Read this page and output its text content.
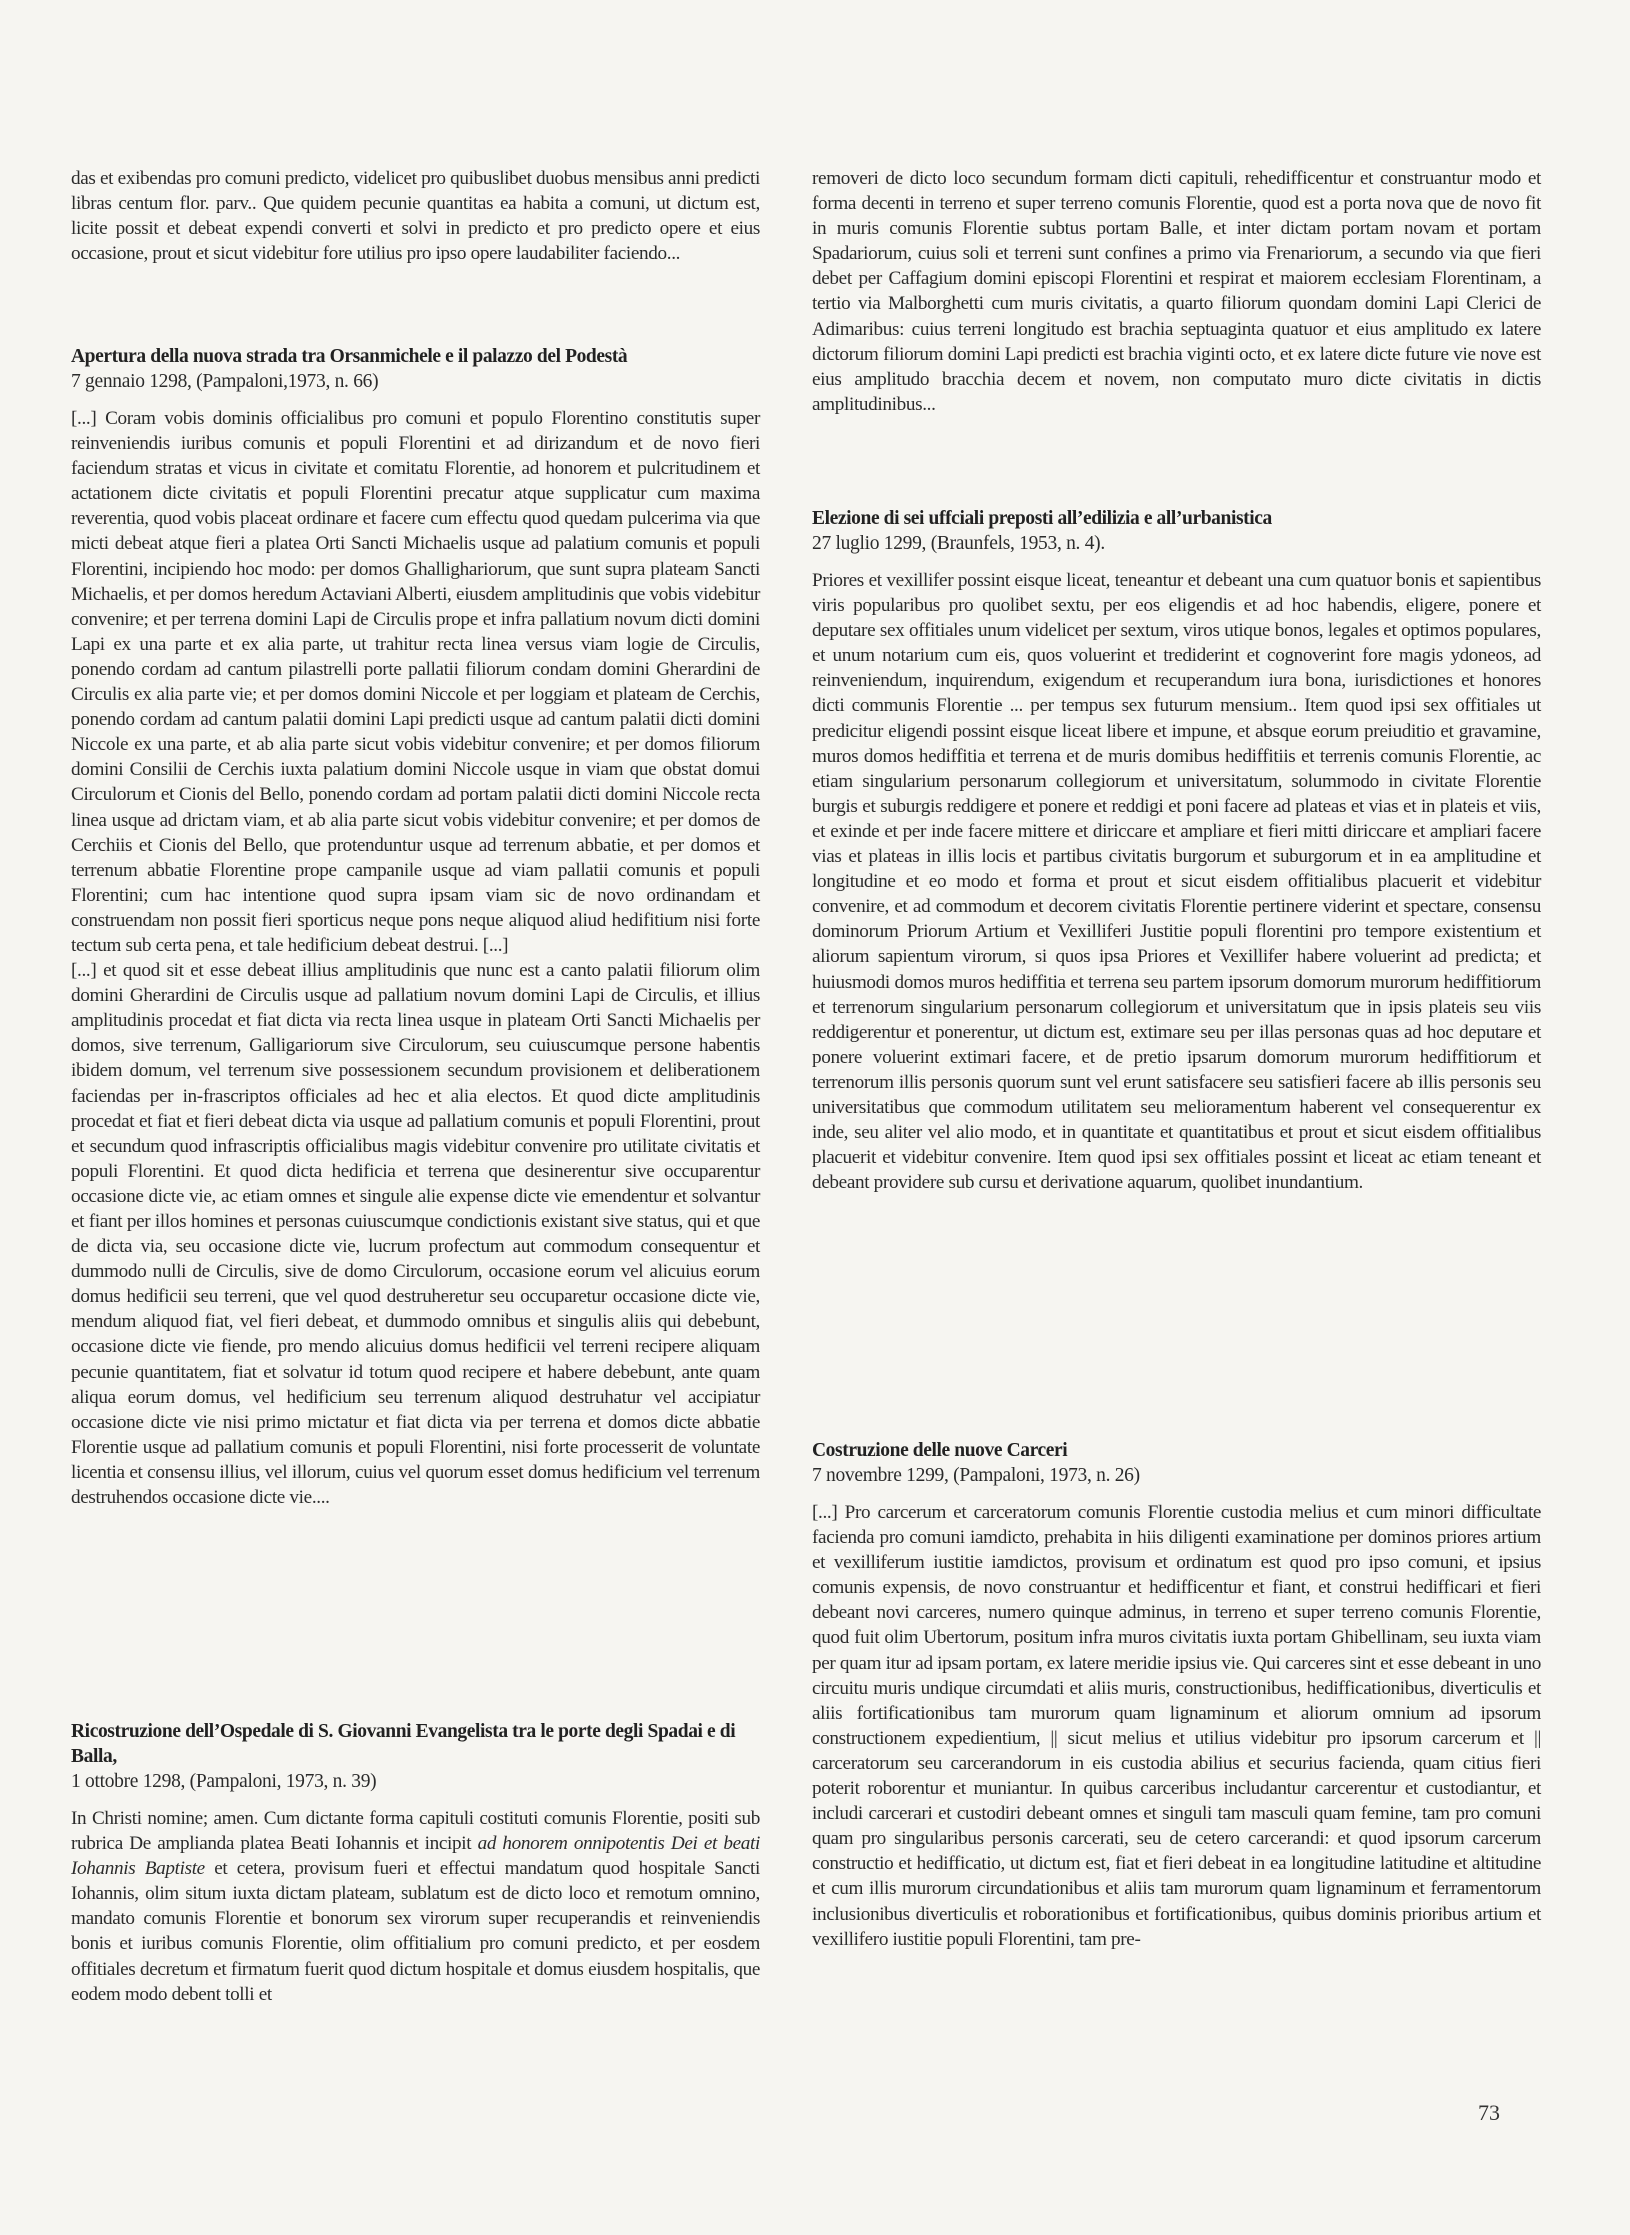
das et exibendas pro comuni predicto, videlicet pro quibuslibet duobus mensibus anni predicti libras centum flor. parv.. Que quidem pecunie quantitas ea habita a comuni, ut dictum est, licite possit et debeat expendi converti et solvi in predicto et pro predicto opere et eius occasione, prout et sicut videbitur fore utilius pro ipso opere laudabiliter faciendo...

Apertura della nuova strada tra Orsanmichele e il palazzo del Podestà
7 gennaio 1298, (Pampaloni,1973, n. 66)

[...] Coram vobis dominis officialibus pro comuni et populo Florentino constitutis super reinveniendis iuribus comunis et populi Florentini et ad dirizandum et de novo fieri faciendum stratas et vicus in civitate et comitatu Florentie, ad honorem et pulcritudinem et actationem dicte civitatis et populi Florentini precatur atque supplicatur cum maxima reverentia, quod vobis placeat ordinare et facere cum effectu quod quedam pulcerima via que micti debeat atque fieri a platea Orti Sancti Michaelis usque ad palatium comunis et populi Florentini, incipiendo hoc modo: per domos Ghallighariorum, que sunt supra plateam Sancti Michaelis, et per domos heredum Actaviani Alberti, eiusdem amplitudinis que vobis videbitur convenire; et per terrena domini Lapi de Circulis prope et infra pallatium novum dicti domini Lapi ex una parte et ex alia parte, ut trahitur recta linea versus viam logie de Circulis, ponendo cordam ad cantum pilastrelli porte pallatii filiorum condam domini Gherardini de Circulis ex alia parte vie; et per domos domini Niccole et per loggiam et plateam de Cerchis, ponendo cordam ad cantum palatii domini Lapi predicti usque ad cantum palatii dicti domini Niccole ex una parte, et ab alia parte sicut vobis videbitur convenire; et per domos filiorum domini Consilii de Cerchis iuxta palatium domini Niccole usque in viam que obstat domui Circulorum et Cionis del Bello, ponendo cordam ad portam palatii dicti domini Niccole recta linea usque ad drictam viam, et ab alia parte sicut vobis videbitur convenire; et per domos de Cerchiis et Cionis del Bello, que protenduntur usque ad terrenum abbatie, et per domos et terrenum abbatie Florentine prope campanile usque ad viam pallatii comunis et populi Florentini; cum hac intentione quod supra ipsam viam sic de novo ordinandam et construendam non possit fieri sporticus neque pons neque aliquod aliud hedifitium nisi forte tectum sub certa pena, et tale hedificium debeat destrui. [...]

[...] et quod sit et esse debeat illius amplitudinis que nunc est a canto palatii filiorum olim domini Gherardini de Circulis usque ad pallatium novum domini Lapi de Circulis, et illius amplitudinis procedat et fiat dicta via recta linea usque in plateam Orti Sancti Michaelis per domos, sive terrenum, Galligariorum sive Circulorum, seu cuiuscumque persone habentis ibidem domum, vel terrenum sive possessionem secundum provisionem et deliberationem faciendas per in-frascriptos officiales ad hec et alia electos. Et quod dicte amplitudinis procedat et fiat et fieri debeat dicta via usque ad pallatium comunis et populi Florentini, prout et secundum quod infrascriptis officialibus magis videbitur convenire pro utilitate civitatis et populi Florentini. Et quod dicta hedificia et terrena que desinerentur sive occuparentur occasione dicte vie, ac etiam omnes et singule alie expense dicte vie emendentur et solvantur et fiant per illos homines et personas cuiuscumque condictionis existant sive status, qui et que de dicta via, seu occasione dicte vie, lucrum profectum aut commodum consequentur et dummodo nulli de Circulis, sive de domo Circulorum, occasione eorum vel alicuius eorum domus hedificii seu terreni, que vel quod destruheretur seu occuparetur occasione dicte vie, mendum aliquod fiat, vel fieri debeat, et dummodo omnibus et singulis aliis qui debebunt, occasione dicte vie fiende, pro mendo alicuius domus hedificii vel terreni recipere aliquam pecunie quantitatem, fiat et solvatur id totum quod recipere et habere debebunt, ante quam aliqua eorum domus, vel hedificium seu terrenum aliquod destruhatur vel accipiatur occasione dicte vie nisi primo mictatur et fiat dicta via per terrena et domos dicte abbatie Florentie usque ad pallatium comunis et populi Florentini, nisi forte processerit de voluntate licentia et consensu illius, vel illorum, cuius vel quorum esset domus hedificium vel terrenum destruhendos occasione dicte vie....

Ricostruzione dell’Ospedale di S. Giovanni Evangelista tra le porte degli Spadai e di Balla,
1 ottobre 1298, (Pampaloni, 1973, n. 39)

In Christi nomine; amen. Cum dictante forma capituli costituti comunis Florentie, positi sub rubrica De amplianda platea Beati Iohannis et incipit ad honorem onnipotentis Dei et beati Iohannis Baptiste et cetera, provisum fueri et effectui mandatum quod hospitale Sancti Iohannis, olim situm iuxta dictam plateam, sublatum est de dicto loco et remotum omnino, mandato comunis Florentie et bonorum sex virorum super recuperandis et reinveniendis bonis et iuribus comunis Florentie, olim offitialium pro comuni predicto, et per eosdem offitiales decretum et firmatum fuerit quod dictum hospitale et domus eiusdem hospitalis, que eodem modo debent tolli et

removeri de dicto loco secundum formam dicti capituli, rehedifficentur et construantur modo et forma decenti in terreno et super terreno comunis Florentie, quod est a porta nova que de novo fit in muris comunis Florentie subtus portam Balle, et inter dictam portam novam et portam Spadariorum, cuius soli et terreni sunt confines a primo via Frenariorum, a secundo via que fieri debet per Caffagium domini episcopi Florentini et respirat et maiorem ecclesiam Florentinam, a tertio via Malborghetti cum muris civitatis, a quarto filiorum quondam domini Lapi Clerici de Adimaribus: cuius terreni longitudo est brachia septuaginta quatuor et eius amplitudo ex latere dictorum filiorum domini Lapi predicti est brachia viginti octo, et ex latere dicte future vie nove est eius amplitudo bracchia decem et novem, non computato muro dicte civitatis in dictis amplitudinibus...

Elezione di sei uffciali preposti all’edilizia e all’urbanistica
27 luglio 1299, (Braunfels, 1953, n. 4).

Priores et vexillifer possint eisque liceat, teneantur et debeant una cum quatuor bonis et sapientibus viris popularibus pro quolibet sextu, per eos eligendis et ad hoc habendis, eligere, ponere et deputare sex offitiales unum videlicet per sextum, viros utique bonos, legales et optimos populares, et unum notarium cum eis, quos voluerint et trediderint et cognoverint fore magis ydoneos, ad reinveniendum, inquirendum, exigendum et recuperandum iura bona, iurisdictiones et honores dicti communis Florentie ... per tempus sex futurum mensium.. Item quod ipsi sex offitiales ut predicitur eligendi possint eisque liceat libere et impune, et absque eorum preiuditio et gravamine, muros domos hediffitia et terrena et de muris domibus hediffitiis et terrenis comunis Florentie, ac etiam singularium personarum collegiorum et universitatum, solummodo in civitate Florentie burgis et suburgis reddigere et ponere et reddigi et poni facere ad plateas et vias et in plateis et viis, et exinde et per inde facere mittere et diriccare et ampliare et fieri mitti diriccare et ampliari facere vias et plateas in illis locis et partibus civitatis burgorum et suburgorum et in ea amplitudine et longitudine et eo modo et forma et prout et sicut eisdem offitialibus placuerit et videbitur convenire, et ad commodum et decorem civitatis Florentie pertinere viderint et spectare, consensu dominorum Priorum Artium et Vexilliferi Justitie populi florentini pro tempore existentium et aliorum sapientum virorum, si quos ipsa Priores et Vexillifer habere voluerint ad predicta; et huiusmodi domos muros hediffitia et terrena seu partem ipsorum domorum murorum hediffitiorum et terrenorum singularium personarum collegiorum et universitatum que in ipsis plateis seu viis reddigerentur et ponerentur, ut dictum est, extimare seu per illas personas quas ad hoc deputare et ponere voluerint extimari facere, et de pretio ipsarum domorum murorum hediffitiorum et terrenorum illis personis quorum sunt vel erunt satisfacere seu satisfieri facere ab illis personis seu universitatibus que commodum utilitatem seu melioramentum haberent vel consequerentur ex inde, seu aliter vel alio modo, et in quantitate et quantitatibus et prout et sicut eisdem offitialibus placuerit et videbitur convenire. Item quod ipsi sex offitiales possint et liceat ac etiam teneant et debeant providere sub cursu et derivatione aquarum, quolibet inundantium.

Costruzione delle nuove Carceri
7 novembre 1299, (Pampaloni, 1973, n. 26)

[...] Pro carcerum et carceratorum comunis Florentie custodia melius et cum minori difficultate facienda pro comuni iamdicto, prehabita in hiis diligenti examinatione per dominos priores artium et vexilliferum iustitie iamdictos, provisum et ordinatum est quod pro ipso comuni, et ipsius comunis expensis, de novo construantur et hedifficentur et fiant, et construi hedifficari et fieri debeant novi carceres, numero quinque adminus, in terreno et super terreno comunis Florentie, quod fuit olim Ubertorum, positum infra muros civitatis iuxta portam Ghibellinam, seu iuxta viam per quam itur ad ipsam portam, ex latere meridie ipsius vie. Qui carceres sint et esse debeant in uno circuitu muris undique circumdati et aliis muris, constructionibus, hedifficationibus, diverticulis et aliis fortificationibus tam murorum quam lignaminum et aliorum omnium ad ipsorum constructionem expedientium, || sicut melius et utilius videbitur pro ipsorum carcerum et || carceratorum seu carcerandorum in eis custodia abilius et securius facienda, quam citius fieri poterit roborentur et muniantur. In quibus carceribus includantur carcerentur et custodiantur, et includi carcerari et custodiri debeant omnes et singuli tam masculi quam femine, tam pro comuni quam pro singularibus personis carcerati, seu de cetero carcerandi: et quod ipsorum carcerum constructio et hedifficatio, ut dictum est, fiat et fieri debeat in ea longitudine latitudine et altitudine et cum illis murorum circundationibus et aliis tam murorum quam lignaminum et ferramentorum inclusionibus diverticulis et roborationibus et fortificationibus, quibus dominis prioribus artium et vexillifero iustitie populi Florentini, tam pre-

73
